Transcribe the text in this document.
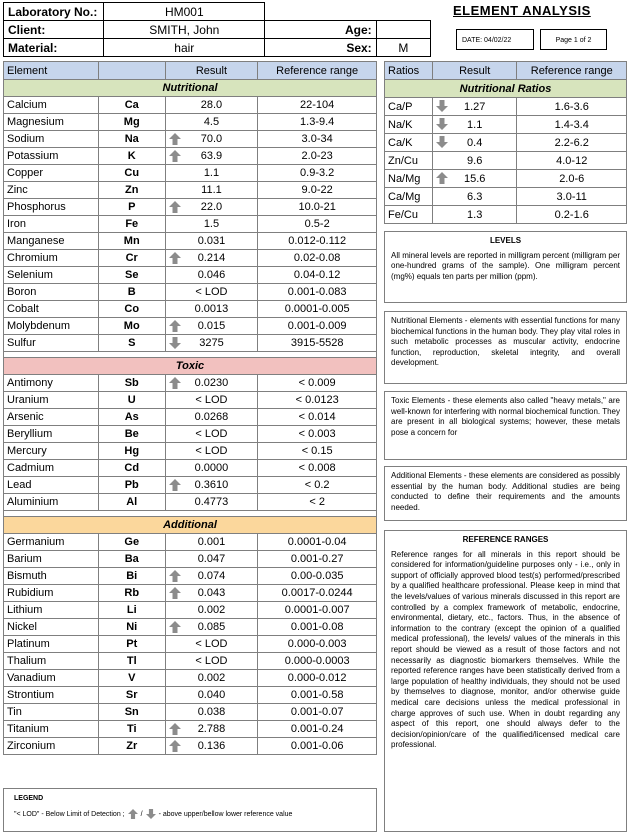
Laboratory No.:	HM001		
Client:	SMITH, John	Age:	
Material:	hair	Sex:	M
ELEMENT ANALYSIS
DATE: 04/02/22	Page 1 of 2
Element		Result	Reference range
Nutritional			
Calcium	Ca	28.0	22-104
Magnesium	Mg	4.5	1.3-9.4
Sodium	Na	70.0	3.0-34
Potassium	K	63.9	2.0-23
Copper	Cu	1.1	0.9-3.2
Zinc	Zn	11.1	9.0-22
Phosphorus	P	22.0	10.0-21
Iron	Fe	1.5	0.5-2
Manganese	Mn	0.031	0.012-0.112
Chromium	Cr	0.214	0.02-0.08
Selenium	Se	0.046	0.04-0.12
Boron	B	< LOD	0.001-0.083
Cobalt	Co	0.0013	0.0001-0.005
Molybdenum	Mo	0.015	0.001-0.009
Sulfur	S	3275	3915-5528

Toxic			
Antimony	Sb	0.0230	< 0.009
Uranium	U	< LOD	< 0.0123
Arsenic	As	0.0268	< 0.014
Beryllium	Be	< LOD	< 0.003
Mercury	Hg	< LOD	< 0.15
Cadmium	Cd	0.0000	< 0.008
Lead	Pb	0.3610	< 0.2
Aluminium	Al	0.4773	< 2

Additional			
Germanium	Ge	0.001	0.0001-0.04
Barium	Ba	0.047	0.001-0.27
Bismuth	Bi	0.074	0.00-0.035
Rubidium	Rb	0.043	0.0017-0.0244
Lithium	Li	0.002	0.0001-0.007
Nickel	Ni	0.085	0.001-0.08
Platinum	Pt	< LOD	0.000-0.003
Thalium	Tl	< LOD	0.000-0.0003
Vanadium	V	0.002	0.000-0.012
Strontium	Sr	0.040	0.001-0.58
Tin	Sn	0.038	0.001-0.07
Titanium	Ti	2.788	0.001-0.24
Zirconium	Zr	0.136	0.001-0.06
Ratios	Result	Reference range
Nutritional Ratios		
Ca/P	1.27	1.6-3.6
Na/K	1.1	1.4-3.4
Ca/K	0.4	2.2-6.2
Zn/Cu	9.6	4.0-12
Na/Mg	15.6	2.0-6
Ca/Mg	6.3	3.0-11
Fe/Cu	1.3	0.2-1.6
LEVELS
All mineral levels are reported in milligram percent (milligram per one-hundred grams of the sample). One milligram percent (mg%) equals ten parts per million (ppm).
Nutritional Elements - elements with essential functions for many biochemical functions in the human body. They play vital roles in such metabolic processes as muscular activity, endocrine function, reproduction, skeletal integrity, and overall development.
Toxic Elements - these elements also called "heavy metals," are well-known for interfering with normal biochemical function. They are present in all biological systems; however, these metals pose a concern for
Additional Elements - these elements are considered as possibly essential by the human body. Additional studies are being conducted to define their requirements and the amounts needed.
REFERENCE RANGES
Reference ranges for all minerals in this report should be considered for information/guideline purposes only - i.e., only in support of officially approved blood test(s) performed/prescribed by a qualified healthcare professional. Please keep in mind that the levels/values of various minerals discussed in this report are controlled by a complex framework of metabolic, endocrine, environmental, dietary, etc., factors. Thus, in the absence of information to the contrary (except the opinion of a qualified medical professional), the levels/ values of the minerals in this report should be viewed as a result of those factors and not necessarily as diagnostic biomarkers themselves. While the reported reference ranges have been statistically derived from a large population of healthy individuals, they should not be used by themselves to diagnose, monitor, and/or otherwise guide medical care decisions unless the medical professional in charge approves of such use. When in doubt regarding any aspect of this report, one should always defer to the decision/opinion/care of the qualified/licensed medical care professional.
LEGEND
"< LOD" - Below Limit of Detection ; / - above upper/bellow lower reference value
